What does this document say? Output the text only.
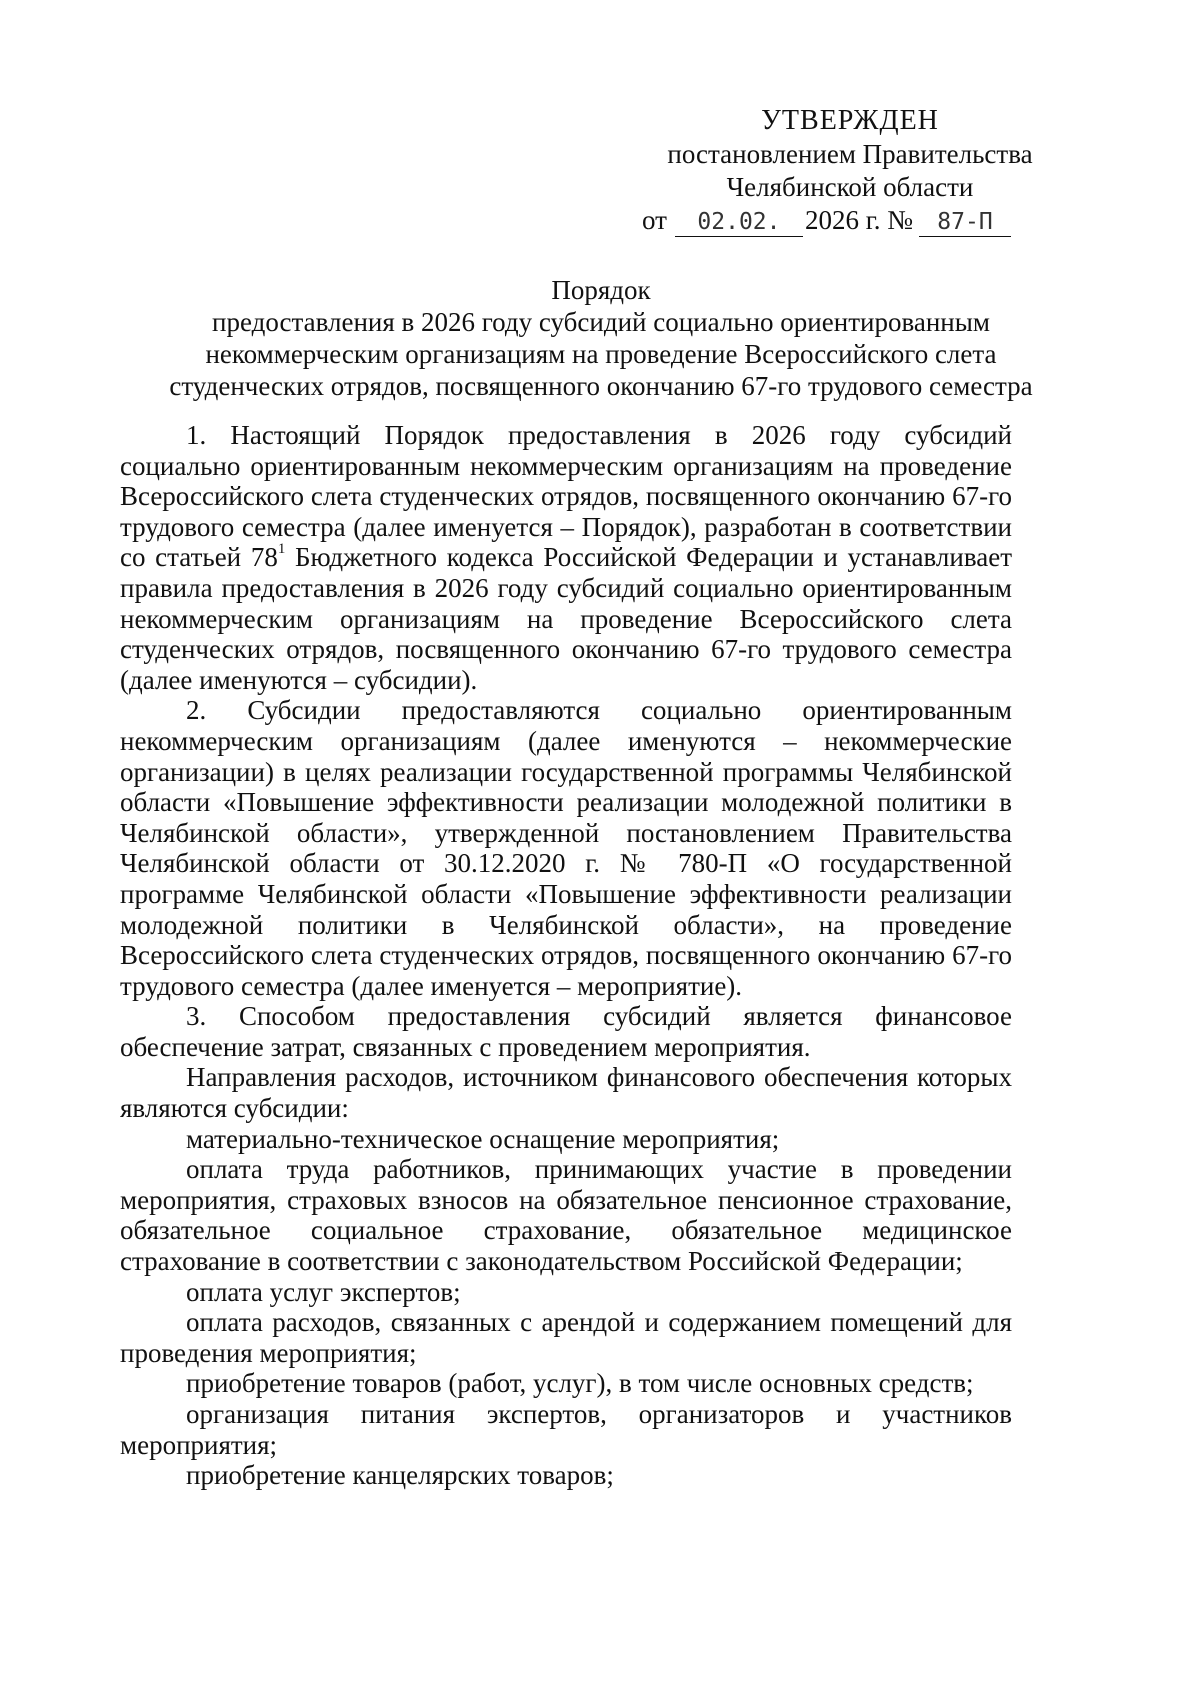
УТВЕРЖДЕН
постановлением Правительства
Челябинской области
от 02.02. 2026 г. № 87-П
Порядок
предоставления в 2026 году субсидий социально ориентированным
некоммерческим организациям на проведение Всероссийского слета
студенческих отрядов, посвященного окончанию 67-го трудового семестра

1. Настоящий Порядок предоставления в 2026 году субсидий социально ориентированным некоммерческим организациям на проведение Всероссийского слета студенческих отрядов, посвященного окончанию 67-го трудового семестра (далее именуется – Порядок), разработан в соответствии со статьей $78^1$ Бюджетного кодекса Российской Федерации и устанавливает правила предоставления в 2026 году субсидий социально ориентированным некоммерческим организациям на проведение Всероссийского слета студенческих отрядов, посвященного окончанию 67-го трудового семестра (далее именуются – субсидии).

2. Субсидии предоставляются социально ориентированным некоммерческим организациям (далее именуются – некоммерческие организации) в целях реализации государственной программы Челябинской области «Повышение эффективности реализации молодежной политики в Челябинской области», утвержденной постановлением Правительства Челябинской области от 30.12.2020 г. № 780-П «О государственной программе Челябинской области «Повышение эффективности реализации молодежной политики в Челябинской области», на проведение Всероссийского слета студенческих отрядов, посвященного окончанию 67-го трудового семестра (далее именуется – мероприятие).

3. Способом предоставления субсидий является финансовое обеспечение затрат, связанных с проведением мероприятия.

Направления расходов, источником финансового обеспечения которых являются субсидии:

материально-техническое оснащение мероприятия;

оплата труда работников, принимающих участие в проведении мероприятия, страховых взносов на обязательное пенсионное страхование, обязательное социальное страхование, обязательное медицинское страхование в соответствии с законодательством Российской Федерации;

оплата услуг экспертов;

оплата расходов, связанных с арендой и содержанием помещений для проведения мероприятия;

приобретение товаров (работ, услуг), в том числе основных средств;

организация питания экспертов, организаторов и участников мероприятия;

приобретение канцелярских товаров;
